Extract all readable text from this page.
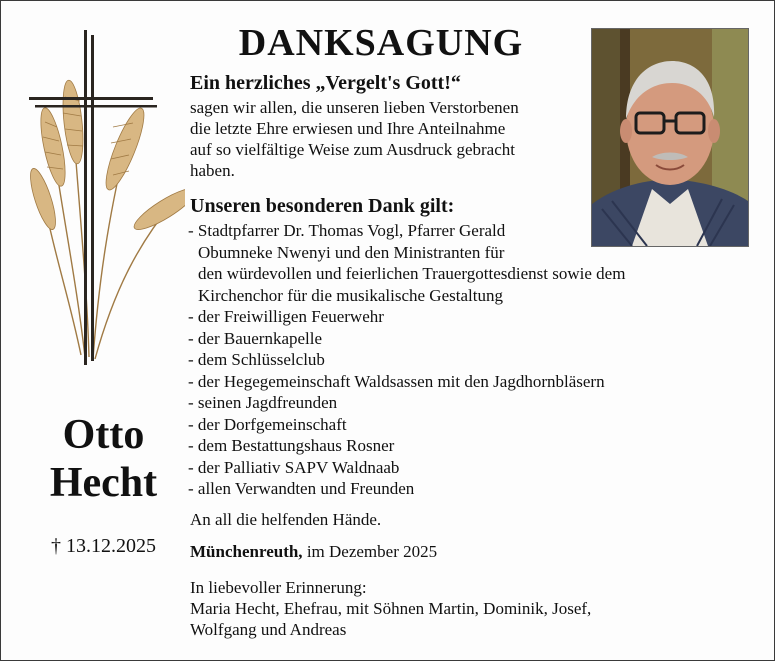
DANKSAGUNG
Ein herzliches „Vergelt's Gott!“
sagen wir allen, die unseren lieben Verstorbenen
die letzte Ehre erwiesen und Ihre Anteilnahme
auf so vielfältige Weise zum Ausdruck gebracht
haben.
Unseren besonderen Dank gilt:
- Stadtpfarrer Dr. Thomas Vogl, Pfarrer Gerald
Obumneke Nwenyi und den Ministranten für
den würdevollen und feierlichen Trauergottesdienst sowie dem
Kirchenchor für die musikalische Gestaltung
- der Freiwilligen Feuerwehr
- der Bauernkapelle
- dem Schlüsselclub
- der Hegegemeinschaft Waldsassen mit den Jagdhornbläsern
- seinen Jagdfreunden
- der Dorfgemeinschaft
- dem Bestattungshaus Rosner
- der Palliativ SAPV Waldnaab
- allen Verwandten und Freunden
An all die helfenden Hände.
Münchenreuth, im Dezember 2025
In liebevoller Erinnerung:
Maria Hecht, Ehefrau, mit Söhnen Martin, Dominik, Josef,
Wolfgang und Andreas
Otto
Hecht
† 13.12.2025
